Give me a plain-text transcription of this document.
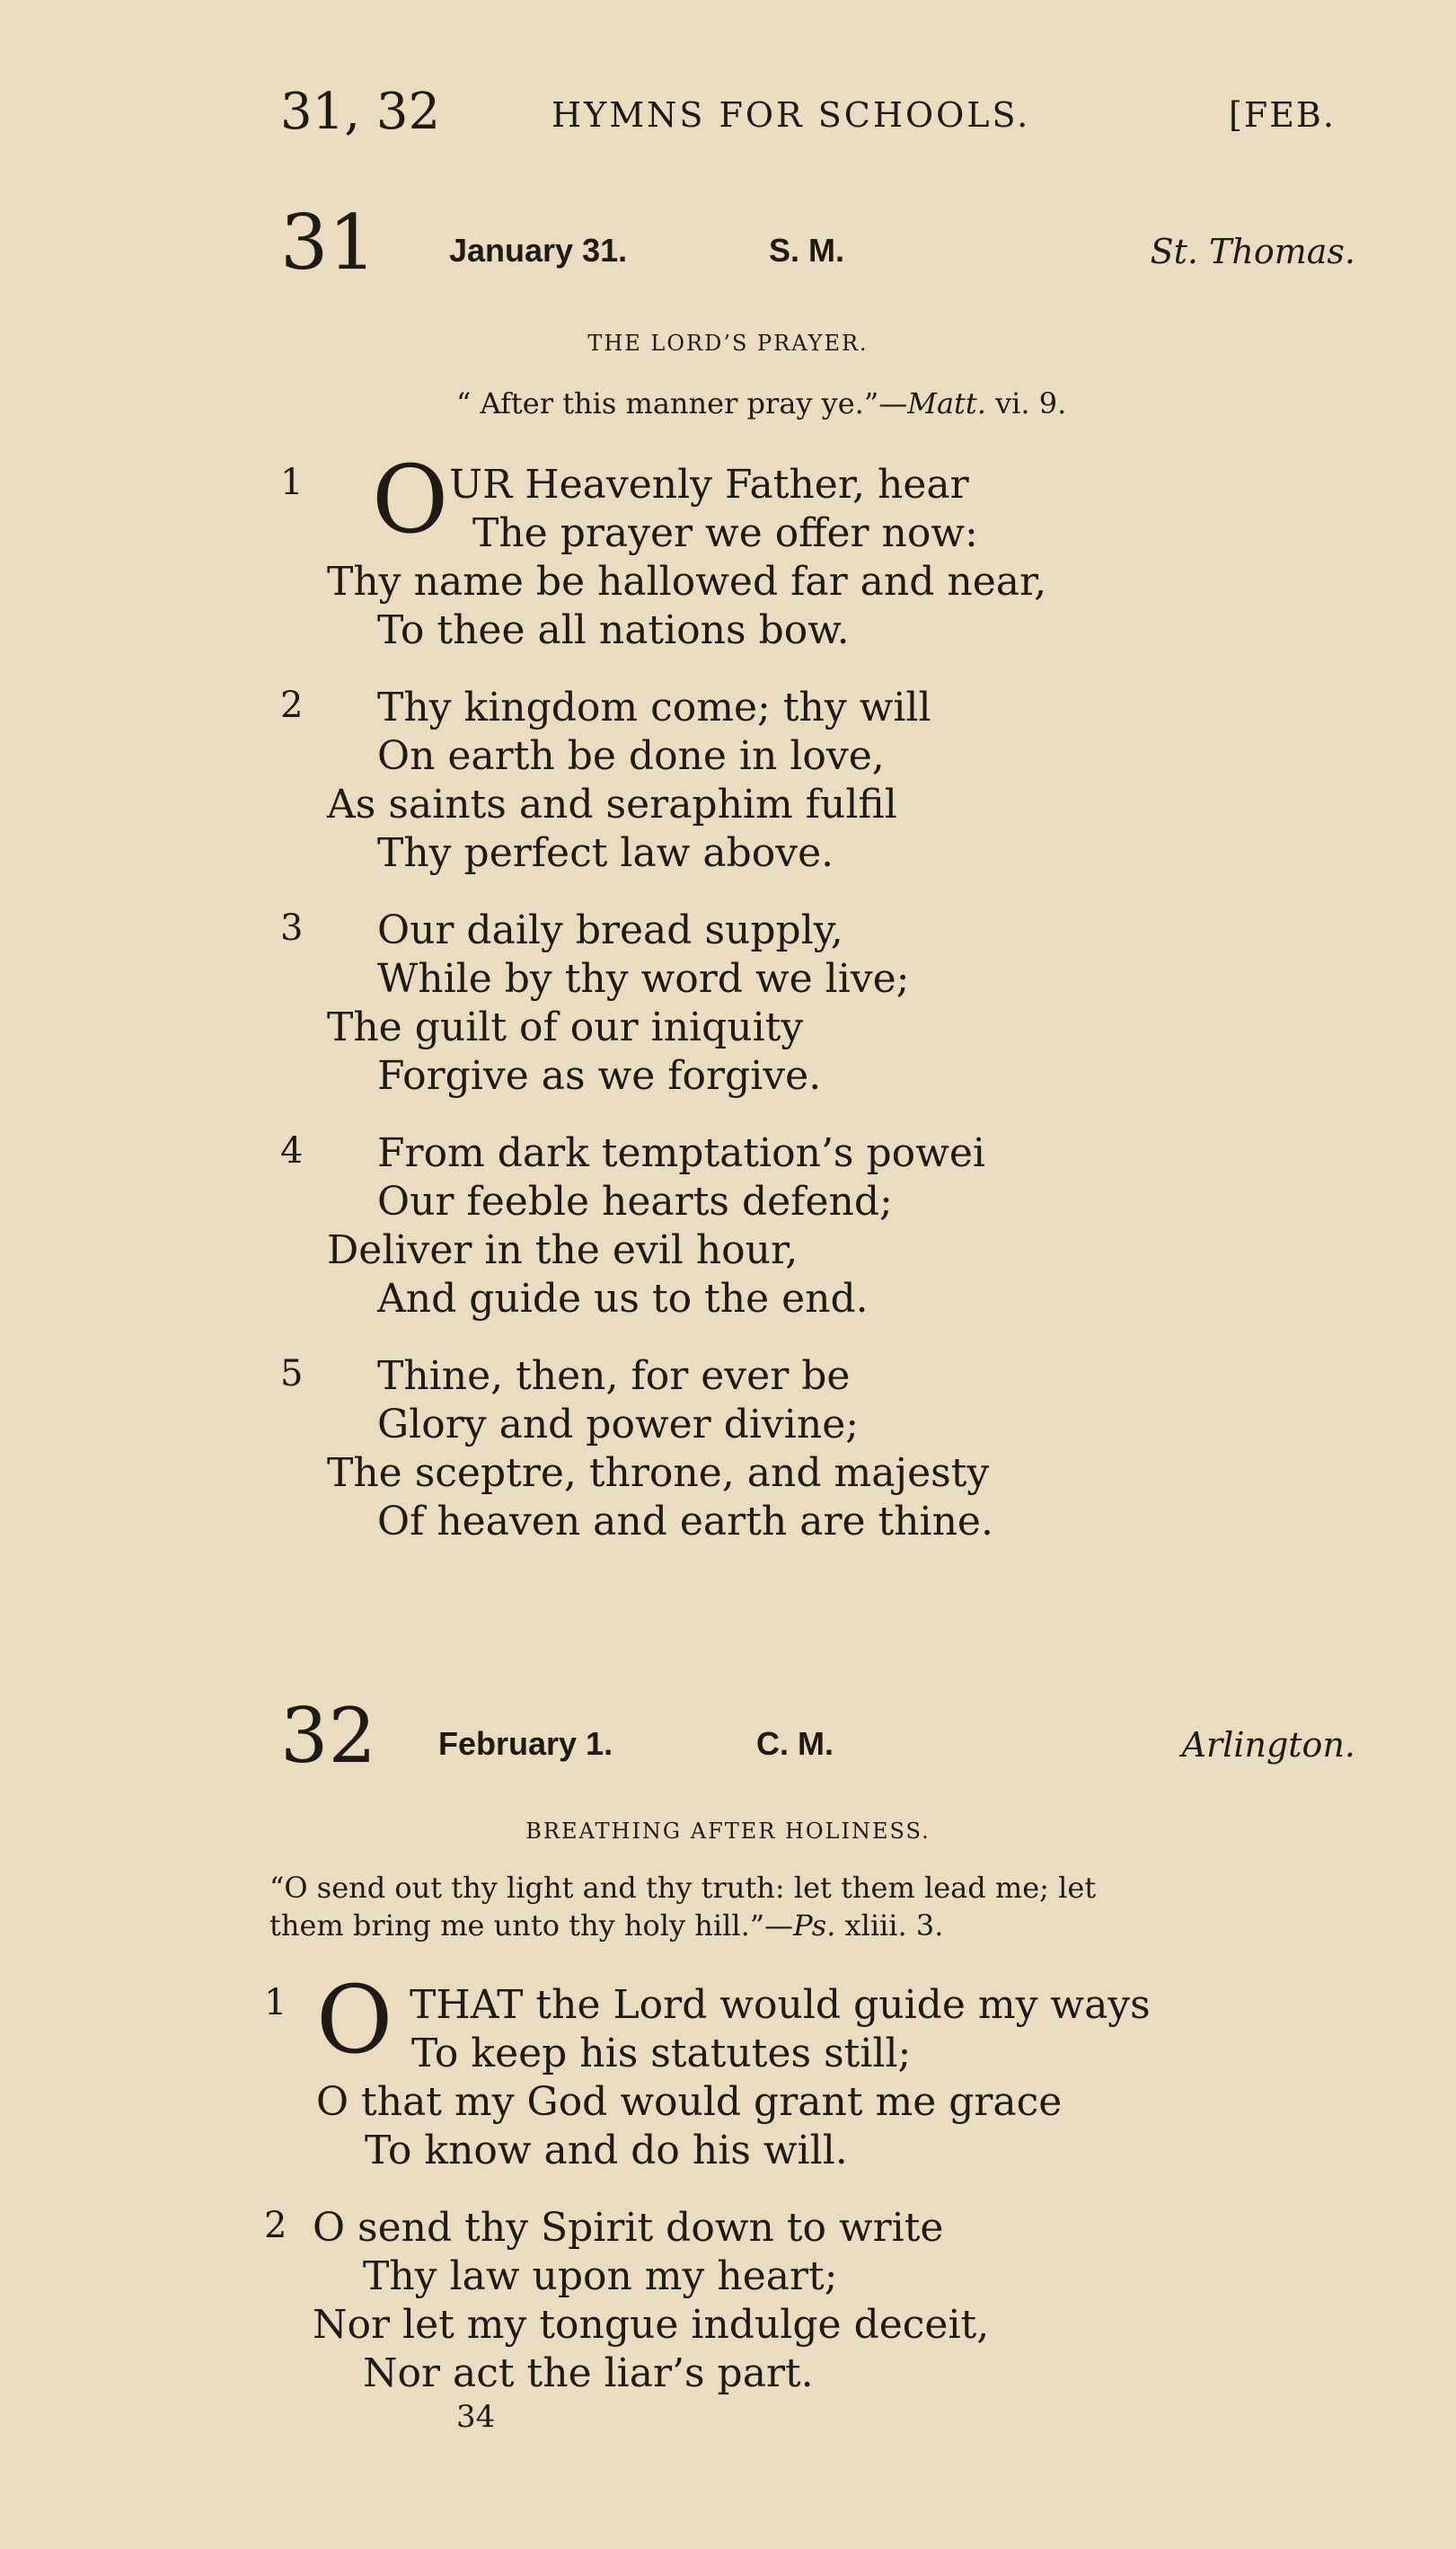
31, 32	HYMNS FOR SCHOOLS.	[FEB.
31 January 31.	S. M.	St. Thomas.
THE LORD’S PRAYER.
“ After this manner pray ye.”—Matt. vi. 9.
1 O UR Heavenly Father, hear
The prayer we offer now:
Thy name be hallowed far and near,
To thee all nations bow.
2 Thy kingdom come; thy will
On earth be done in love,
As saints and seraphim fulfil
Thy perfect law above.
3 Our daily bread supply,
While by thy word we live;
The guilt of our iniquity
Forgive as we forgive.
4 From dark temptation’s powei
Our feeble hearts defend;
Deliver in the evil hour,
And guide us to the end.
5 Thine, then, for ever be
Glory and power divine;
The sceptre, throne, and majesty
Of heaven and earth are thine.
32 February 1.	C. M.	Arlington.
BREATHING AFTER HOLINESS.
“O send out thy light and thy truth: let them lead me; let
them bring me unto thy holy hill.”—Ps. xliii. 3.
1 O THAT the Lord would guide my ways
To keep his statutes still;
O that my God would grant me grace
To know and do his will.
2 O send thy Spirit down to write
Thy law upon my heart;
Nor let my tongue indulge deceit,
Nor act the liar’s part.
34
